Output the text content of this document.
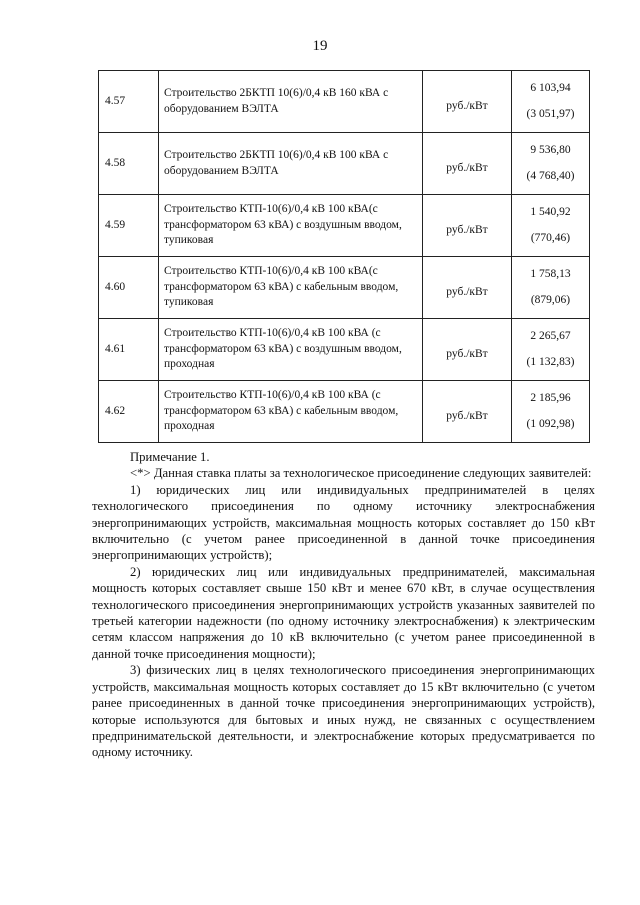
19
4.57	Строительство 2БКТП 10(6)/0,4 кВ 160 кВА с оборудованием ВЭЛТА	руб./кВт	6 103,94
(3 051,97)

4.58	Строительство 2БКТП 10(6)/0,4 кВ 100 кВА с оборудованием ВЭЛТА	руб./кВт	9 536,80
(4 768,40)

4.59	Строительство КТП-10(6)/0,4 кВ 100 кВА(с трансформатором 63 кВА) с воздушным вводом, тупиковая	руб./кВт	1 540,92
(770,46)

4.60	Строительство КТП-10(6)/0,4 кВ 100 кВА(с трансформатором 63 кВА) с кабельным вводом, тупиковая	руб./кВт	1 758,13
(879,06)

4.61	Строительство КТП-10(6)/0,4 кВ 100 кВА (с трансформатором 63 кВА) с воздушным вводом, проходная	руб./кВт	2 265,67
(1 132,83)

4.62	Строительство КТП-10(6)/0,4 кВ 100 кВА (с трансформатором 63 кВА) с кабельным вводом, проходная	руб./кВт	2 185,96
(1 092,98)

Примечание 1.

<*> Данная ставка платы за технологическое присоединение следующих заявителей:

1) юридических лиц или индивидуальных предпринимателей в целях технологического присоединения по одному источнику электроснабжения энергопринимающих устройств, максимальная мощность которых составляет до 150 кВт включительно (с учетом ранее присоединенной в данной точке присоединения энергопринимающих устройств);

2) юридических лиц или индивидуальных предпринимателей, максимальная мощность которых составляет свыше 150 кВт и менее 670 кВт, в случае осуществления технологического присоединения энергопринимающих устройств указанных заявителей по третьей категории надежности (по одному источнику электроснабжения) к электрическим сетям классом напряжения до 10 кВ включительно (с учетом ранее присоединенной в данной точке присоединения мощности);

3) физических лиц в целях технологического присоединения энергопринимающих устройств, максимальная мощность которых составляет до 15 кВт включительно (с учетом ранее присоединенных в данной точке присоединения энергопринимающих устройств), которые используются для бытовых и иных нужд, не связанных с осуществлением предпринимательской деятельности, и электроснабжение которых предусматривается по одному источнику.
